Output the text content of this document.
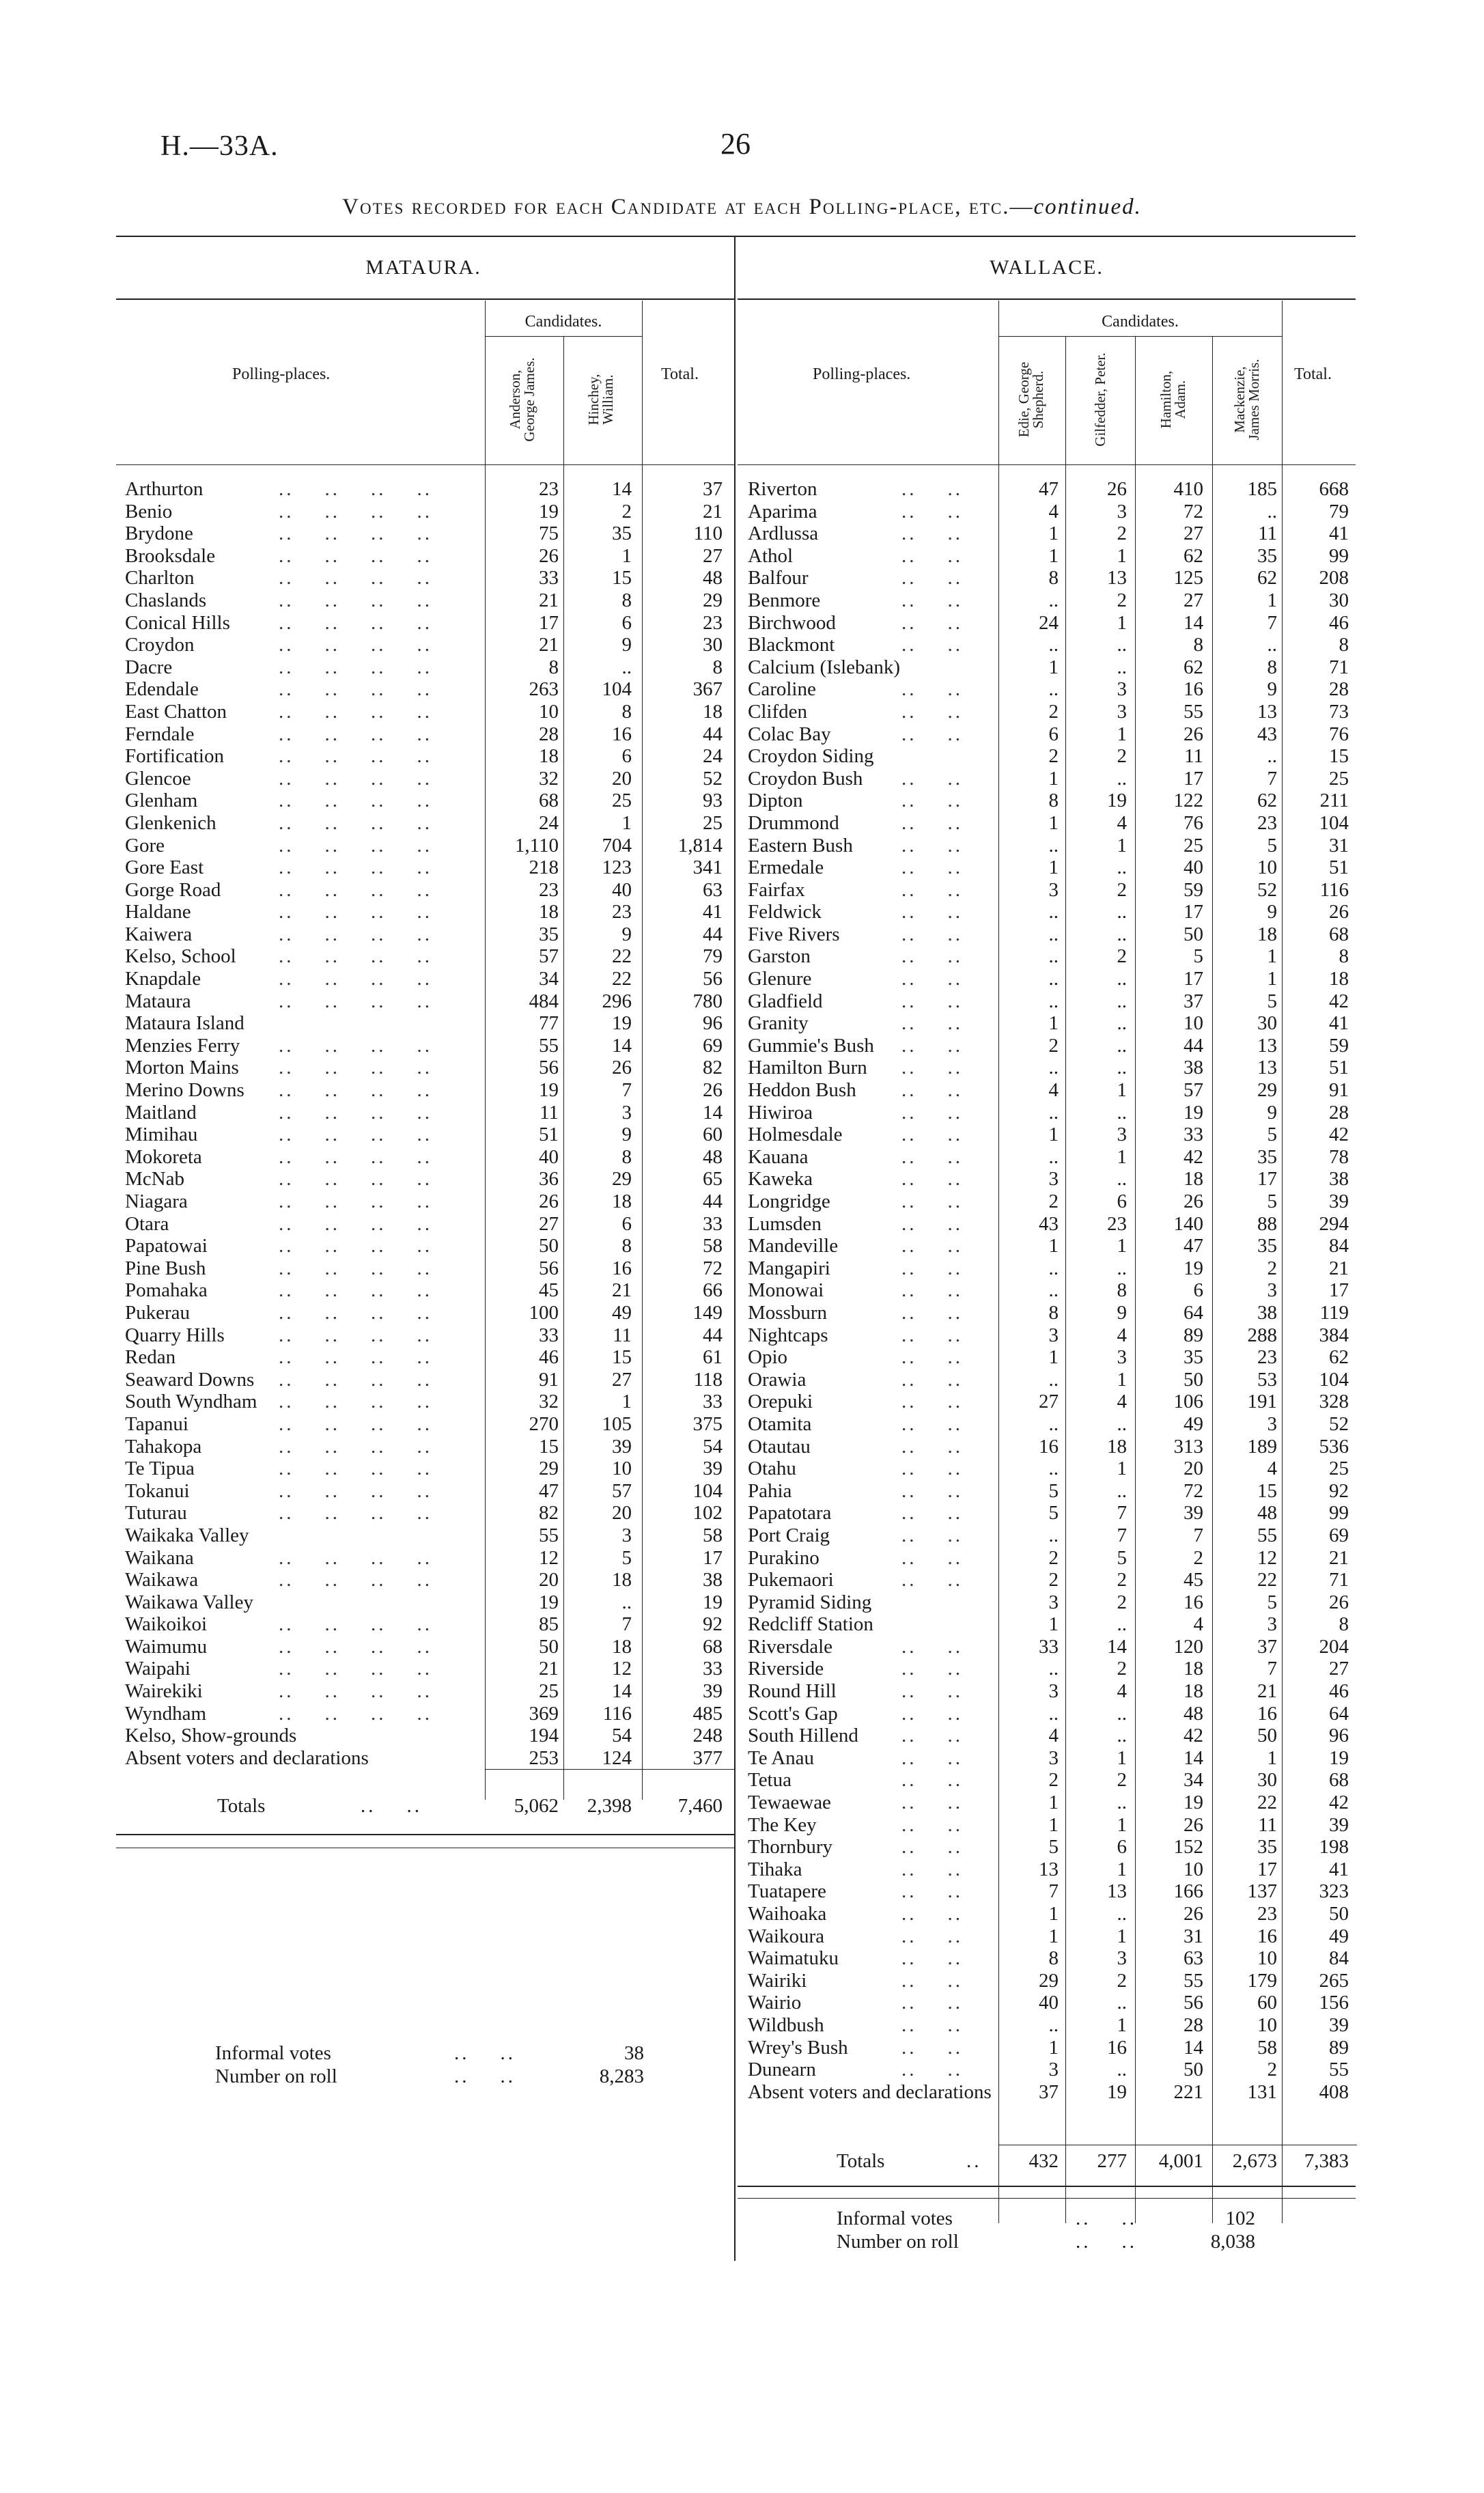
H.—33A.	26
Votes recorded for each Candidate at each Polling-place, etc.—continued.
MATAURA.
Polling-places.
Candidates.
Anderson, George James.	Hinchey, William.
Total.
Arthurton	..    ..    ..    ..	23	14	37
Benio	..    ..    ..    ..	19	2	21
Brydone	..    ..    ..    ..	75	35	110
Brooksdale	..    ..    ..    ..	26	1	27
Charlton	..    ..    ..    ..	33	15	48
Chaslands	..    ..    ..    ..	21	8	29
Conical Hills ..    ..    ..    ..	17	6	23
Croydon	..    ..    ..    ..	21	9	30
Dacre	..    ..    ..    ..	8	..	8
Edendale	..    ..    ..    ..	263 104	367
East Chatton	..    ..    ..    ..	10	8	18
Ferndale	..    ..    ..    ..	28	16	44
Fortification	..    ..    ..    ..	18	6	24
Glencoe	..    ..    ..    ..	32	20	52
Glenham	..    ..    ..    ..	68	25	93
Glenkenich	..    ..    ..    ..	24	1	25
Gore	..    ..    ..    ..	1,110 704 1,814
Gore East	..    ..    ..    ..	218 123	341
Gorge Road	..    ..    ..    ..	23	40	63
Haldane	..    ..    ..    ..	18	23	41
Kaiwera	..    ..    ..    ..	35	9	44
Kelso, School ..    ..    ..    ..	57	22	79
Knapdale	..    ..    ..    ..	34	22	56
Mataura	..    ..    ..    ..	484 296	780
Mataura Island	77	19	96
Menzies Ferry ..    ..    ..    ..	55	14	69
Morton Mains ..    ..    ..    ..	56	26	82
Merino Downs ..    ..    ..    ..	19	7	26
Maitland	..    ..    ..    ..	11	3	14
Mimihau	..    ..    ..    ..	51	9	60
Mokoreta	..    ..    ..    ..	40	8	48
McNab	..    ..    ..    ..	36	29	65
Niagara	..    ..    ..    ..	26	18	44
Otara	..    ..    ..    ..	27	6	33
Papatowai	..    ..    ..    ..	50	8	58
Pine Bush	..    ..    ..    ..	56	16	72
Pomahaka	..    ..    ..    ..	45	21	66
Pukerau	..    ..    ..    ..	100	49	149
Quarry Hills	..    ..    ..    ..	33	11	44
Redan	..    ..    ..    ..	46	15	61
Seaward Downs ..    ..    ..    ..	91	27	118
South Wyndham ..    ..    ..    ..	32	1	33
Tapanui	..    ..    ..    ..	270 105	375
Tahakopa	..    ..    ..    ..	15	39	54
Te Tipua	..    ..    ..    ..	29	10	39
Tokanui	..    ..    ..    ..	47	57	104
Tuturau	..    ..    ..    ..	82	20	102
Waikaka Valley	55	3	58
Waikana	..    ..    ..    ..	12	5	17
Waikawa	..    ..    ..    ..	20	18	38
Waikawa Valley	19	..	19
Waikoikoi	..    ..    ..    ..	85	7	92
Waimumu	..    ..    ..    ..	50	18	68
Waipahi	..    ..    ..    ..	21	12	33
Wairekiki	..    ..    ..    ..	25	14	39
Wyndham	..    ..    ..    ..	369 116	485
Kelso, Show-grounds	194	54	248
Absent voters and declarations	253 124	377
Totals	..    ..	5,062 2,398 7,460
Informal votes	..    ..	38
Number on roll	..    ..	8,283
WALLACE.
Polling-places.
Candidates.
Edie, George Shepherd.	Gilfedder, Peter.	Hamilton, Adam.	Mackenzie, James Morris.	Total.
Riverton	..    ..	47 26 410 185 668
Aparima	..    ..	4	3	72	..	79
Ardlussa	..    ..	1	2	27	11	41
Athol	..    ..	1	1	62	35	99
Balfour	..    ..	8 13 125	62 208
Benmore	..    ..	..	2	27	1	30
Birchwood	..    ..	24	1	14	7	46
Blackmont	..    ..	..	..	8	..	8
Calcium (Islebank)	1	..	62	8	71
Caroline	..    ..	..	3	16	9	28
Clifden	..    ..	2	3	55	13	73
Colac Bay	..    ..	6	1	26	43	76
Croydon Siding	2	2	11	..	15
Croydon Bush ..    ..	1	..	17	7	25
Dipton	..    ..	8 19 122	62 211
Drummond	..    ..	1	4	76	23 104
Eastern Bush ..    ..	..	1	25	5	31
Ermedale	..    ..	1	..	40	10	51
Fairfax	..    ..	3	2	59	52 116
Feldwick	..    ..	..	..	17	9	26
Five Rivers	..    ..	..	..	50	18	68
Garston	..    ..	..	2	5	1	8
Glenure	..    ..	..	..	17	1	18
Gladfield	..    ..	..	..	37	5	42
Granity	..    ..	1	..	10	30	41
Gummie's Bush ..    ..	2	..	44	13	59
Hamilton Burn ..    ..	..	..	38	13	51
Heddon Bush ..    ..	4	1	57	29	91
Hiwiroa	..    ..	..	..	19	9	28
Holmesdale	..    ..	1	3	33	5	42
Kauana	..    ..	..	1	42	35	78
Kaweka	..    ..	3	..	18	17	38
Longridge	..    ..	2	6	26	5	39
Lumsden	..    ..	43 23 140	88 294
Mandeville	..    ..	1	1	47	35	84
Mangapiri	..    ..	..	..	19	2	21
Monowai	..    ..	..	8	6	3	17
Mossburn	..    ..	8	9	64	38 119
Nightcaps	..    ..	3	4	89 288 384
Opio	..    ..	1	3	35	23	62
Orawia	..    ..	..	1	50	53 104
Orepuki	..    ..	27	4 106 191 328
Otamita	..    ..	..	..	49	3	52
Otautau	..    ..	16 18 313 189 536
Otahu	..    ..	..	1	20	4	25
Pahia	..    ..	5	..	72	15	92
Papatotara	..    ..	5	7	39	48	99
Port Craig	..    ..	..	7	7	55	69
Purakino	..    ..	2	5	2	12	21
Pukemaori	..    ..	2	2	45	22	71
Pyramid Siding	3	2	16	5	26
Redcliff Station	1	..	4	3	8
Riversdale	..    ..	33 14 120	37 204
Riverside	..    ..	..	2	18	7	27
Round Hill	..    ..	3	4	18	21	46
Scott's Gap	..    ..	..	..	48	16	64
South Hillend ..    ..	4	..	42	50	96
Te Anau	..    ..	3	1	14	1	19
Tetua	..    ..	2	2	34	30	68
Tewaewae	..    ..	1	..	19	22	42
The Key	..    ..	1	1	26	11	39
Thornbury	..    ..	5	6 152	35 198
Tihaka	..    ..	13	1	10	17	41
Tuatapere	..    ..	7 13 166 137 323
Waihoaka	..    ..	1	..	26	23	50
Waikoura	..    ..	1	1	31	16	49
Waimatuku	..    ..	8	3	63	10	84
Wairiki	..    ..	29	2	55 179 265
Wairio	..    ..	40	..	56	60 156
Wildbush	..    ..	..	1	28	10	39
Wrey's Bush	..    ..	1 16	14	58	89
Dunearn	..    ..	3	..	50	2	55
Absent voters and declarations 37 19 221 131 408
Totals	.. 432 277 4,001 2,673 7,383
Informal votes	..    ..	102
Number on roll	..    ..	8,038
